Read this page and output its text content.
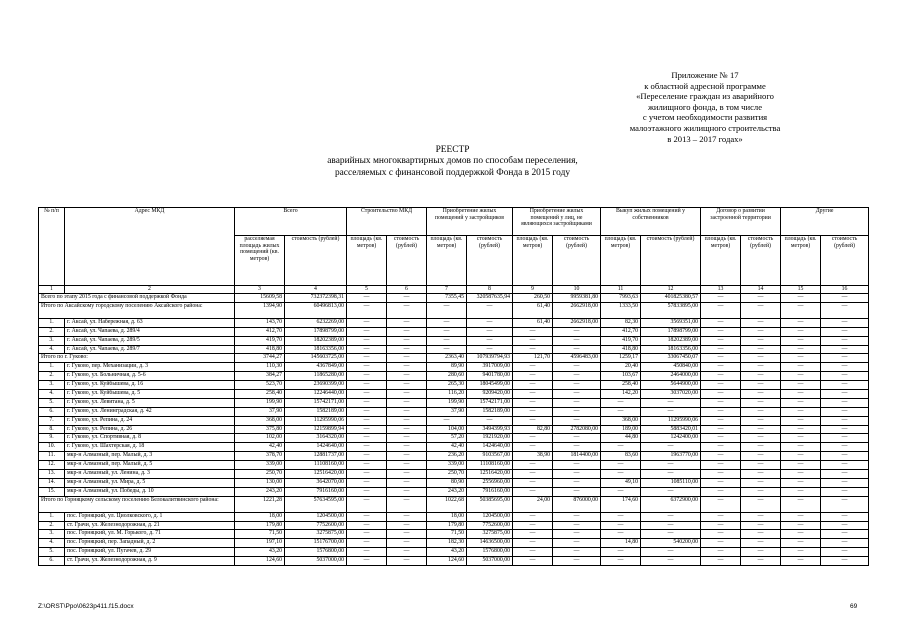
Приложение № 17
к областной адресной программе
«Переселение граждан из аварийного
жилищного фонда, в том числе
с учетом необходимости развития
малоэтажного жилищного строительства
в 2013 – 2017 годах»
РЕЕСТР
аварийных многоквартирных домов по способам переселения,
расселяемых с финансовой поддержкой Фонда в 2015 году
№ п/п	Адрес МКД	Всего		Строительство МКД		Приобретение жилых помещений у застройщиков		Приобретение жилых помещений у лиц, не являющихся застройщиками		Выкуп жилых помещений у собственников		Договор о развитии застроенной территории		Другие	
		расселяемая площадь жилых помещений (кв. метров)	стоимость (рублей)	площадь (кв. метров)	стоимость (рублей)	площадь (кв. метров)	стоимость (рублей)	площадь (кв. метров)	стоимость (рублей)	площадь (кв. метров)	стоимость (рублей)	площадь (кв. метров)	стоимость (рублей)	площадь (кв. метров)	стоимость (рублей)
1	2	3	4	5	6	7	8	9	10	11	12	13	14	15	16
Всего по этапу 2015 года с финансовой поддержкой Фонда		15609,58	732372398,31	—	—	7355,45	320587635,94	260,50	9959381,80	7993,63	401825380,57	—	—	—	—
Итого по Аксайскому городскому поселению Аксайского района:		1394,90	60496813,00	—	—	—	—	61,40	2662918,00	1333,50	57833895,00	—	—	—	—
1.	г. Аксай, ул. Набережная, д. 63	143,70	6232269,00	—	—	—	—	61,40	2662918,00	82,30	3569351,00	—	—	—	—
2.	г. Аксай, ул. Чапаева, д. 289/4	412,70	17898799,00	—	—	—	—	—	—	412,70	17898799,00	—	—	—	—
3.	г. Аксай, ул. Чапаева, д. 289/5	419,70	18202389,00	—	—	—	—	—	—	419,70	18202389,00	—	—	—	—
4.	г. Аксай, ул. Чапаева, д. 289/7	418,80	18163356,00	—	—	—	—	—	—	418,80	18163356,00	—	—	—	—
Итого по г. Гуково:		3744,27	145603725,00	—	—	2363,40	107939794,93	121,70	4596483,00	1259,17	33067450,07	—	—	—	—
1.	г. Гуково, пер. Механизации, д. 3	110,30	4367849,00	—	—	89,90	3917009,00	—	—	20,40	450840,00	—	—	—	—
2.	г. Гуково, ул. Больничная, д. 5-6	384,27	11865280,00	—	—	280,60	9401780,00	—	—	103,67	2464000,00	—	—	—	—
3.	г. Гуково, ул. Куйбышева, д. 16	523,70	23690399,00	—	—	265,30	18045499,00	—	—	258,40	5644900,00	—	—	—	—
4.	г. Гуково, ул. Куйбышева, д. 5	258,40	12246440,00	—	—	116,20	9209420,00	—	—	142,20	3037020,00	—	—	—	—
5.	г. Гуково, ул. Левитана, д. 5	199,90	15742171,00	—	—	199,90	15742171,00	—	—	—	—	—	—	—	—
6.	г. Гуково, ул. Ленинградская, д. 42	37,90	1582189,00	—	—	37,90	1582189,00	—	—	—	—	—	—	—	—
7.	г. Гуково, ул. Репина, д. 24	368,00	11295990,06	—	—	—	—	—	—	368,00	11295990,06	—	—	—	—
8.	г. Гуково, ул. Репина, д. 26	375,80	12159899,94	—	—	104,00	3494399,93	82,80	2782080,00	189,00	5883420,01	—	—	—	—
9.	г. Гуково, ул. Спортивная, д. 8	102,00	3164320,00	—	—	57,20	1921920,00	—	—	44,80	1242400,00	—	—	—	—
10.	г. Гуково, ул. Шахтерская, д. 18	42,40	1424640,00	—	—	42,40	1424640,00	—	—	—	—	—	—	—	—
11.	мкр-н Алмазный, пер. Малый, д. 3	378,70	12881737,00	—	—	236,20	9103567,00	38,90	1814400,00	83,60	1963770,00	—	—	—	—
12.	мкр-н Алмазный, пер. Малый, д. 5	339,00	11108160,00	—	—	339,00	11108160,00	—	—	—	—	—	—	—	—
13.	мкр-н Алмазный, ул. Ленина, д. 3	250,70	12516420,00	—	—	250,70	12516420,00	—	—	—	—	—	—	—	—
14.	мкр-н Алмазный, ул. Мира, д. 5	130,00	3642070,00	—	—	80,90	2556960,00	—	—	49,10	1085110,00	—	—	—	—
15.	мкр-н Алмазный, ул. Победы, д. 10	243,20	7916160,00	—	—	243,20	7916160,00	—	—	—	—	—	—	—	—
Итого по Горняцкому сельскому поселению Белокалитвинского района:		1221,28	57634595,00	—	—	1022,68	50385695,00	24,00	876000,00	174,60	6372900,00	—	—	—	—
1.	пос. Горняцкий, ул. Циолковского, д. 1	18,00	1204500,00	—	—	18,00	1204500,00	—	—	—	—	—	—	—	—
2.	ст. Грачи, ул. Железнодорожная, д. 21	179,80	7752600,00	—	—	179,80	7752600,00	—	—	—	—	—	—	—	—
3.	пос. Горняцкий, ул. М. Горького, д. 71	71,50	3275875,00	—	—	71,50	3275875,00	—	—	—	—	—	—	—	—
4.	пос. Горняцкий, пер. Западный, д. 2	197,10	15176700,00	—	—	182,30	14636500,00	—	—	14,80	540200,00	—	—	—	—
5.	пос. Горняцкий, ул. Пугачев, д. 29	43,20	1576800,00	—	—	43,20	1576800,00	—	—	—	—	—	—	—	—
6.	ст. Грачи, ул. Железнодорожная, д. 9	124,60	5037000,00	—	—	124,60	5037000,00	—	—	—	—	—	—	—	—
Z:\ORST\Ppo\0623p411.f15.docx	69
